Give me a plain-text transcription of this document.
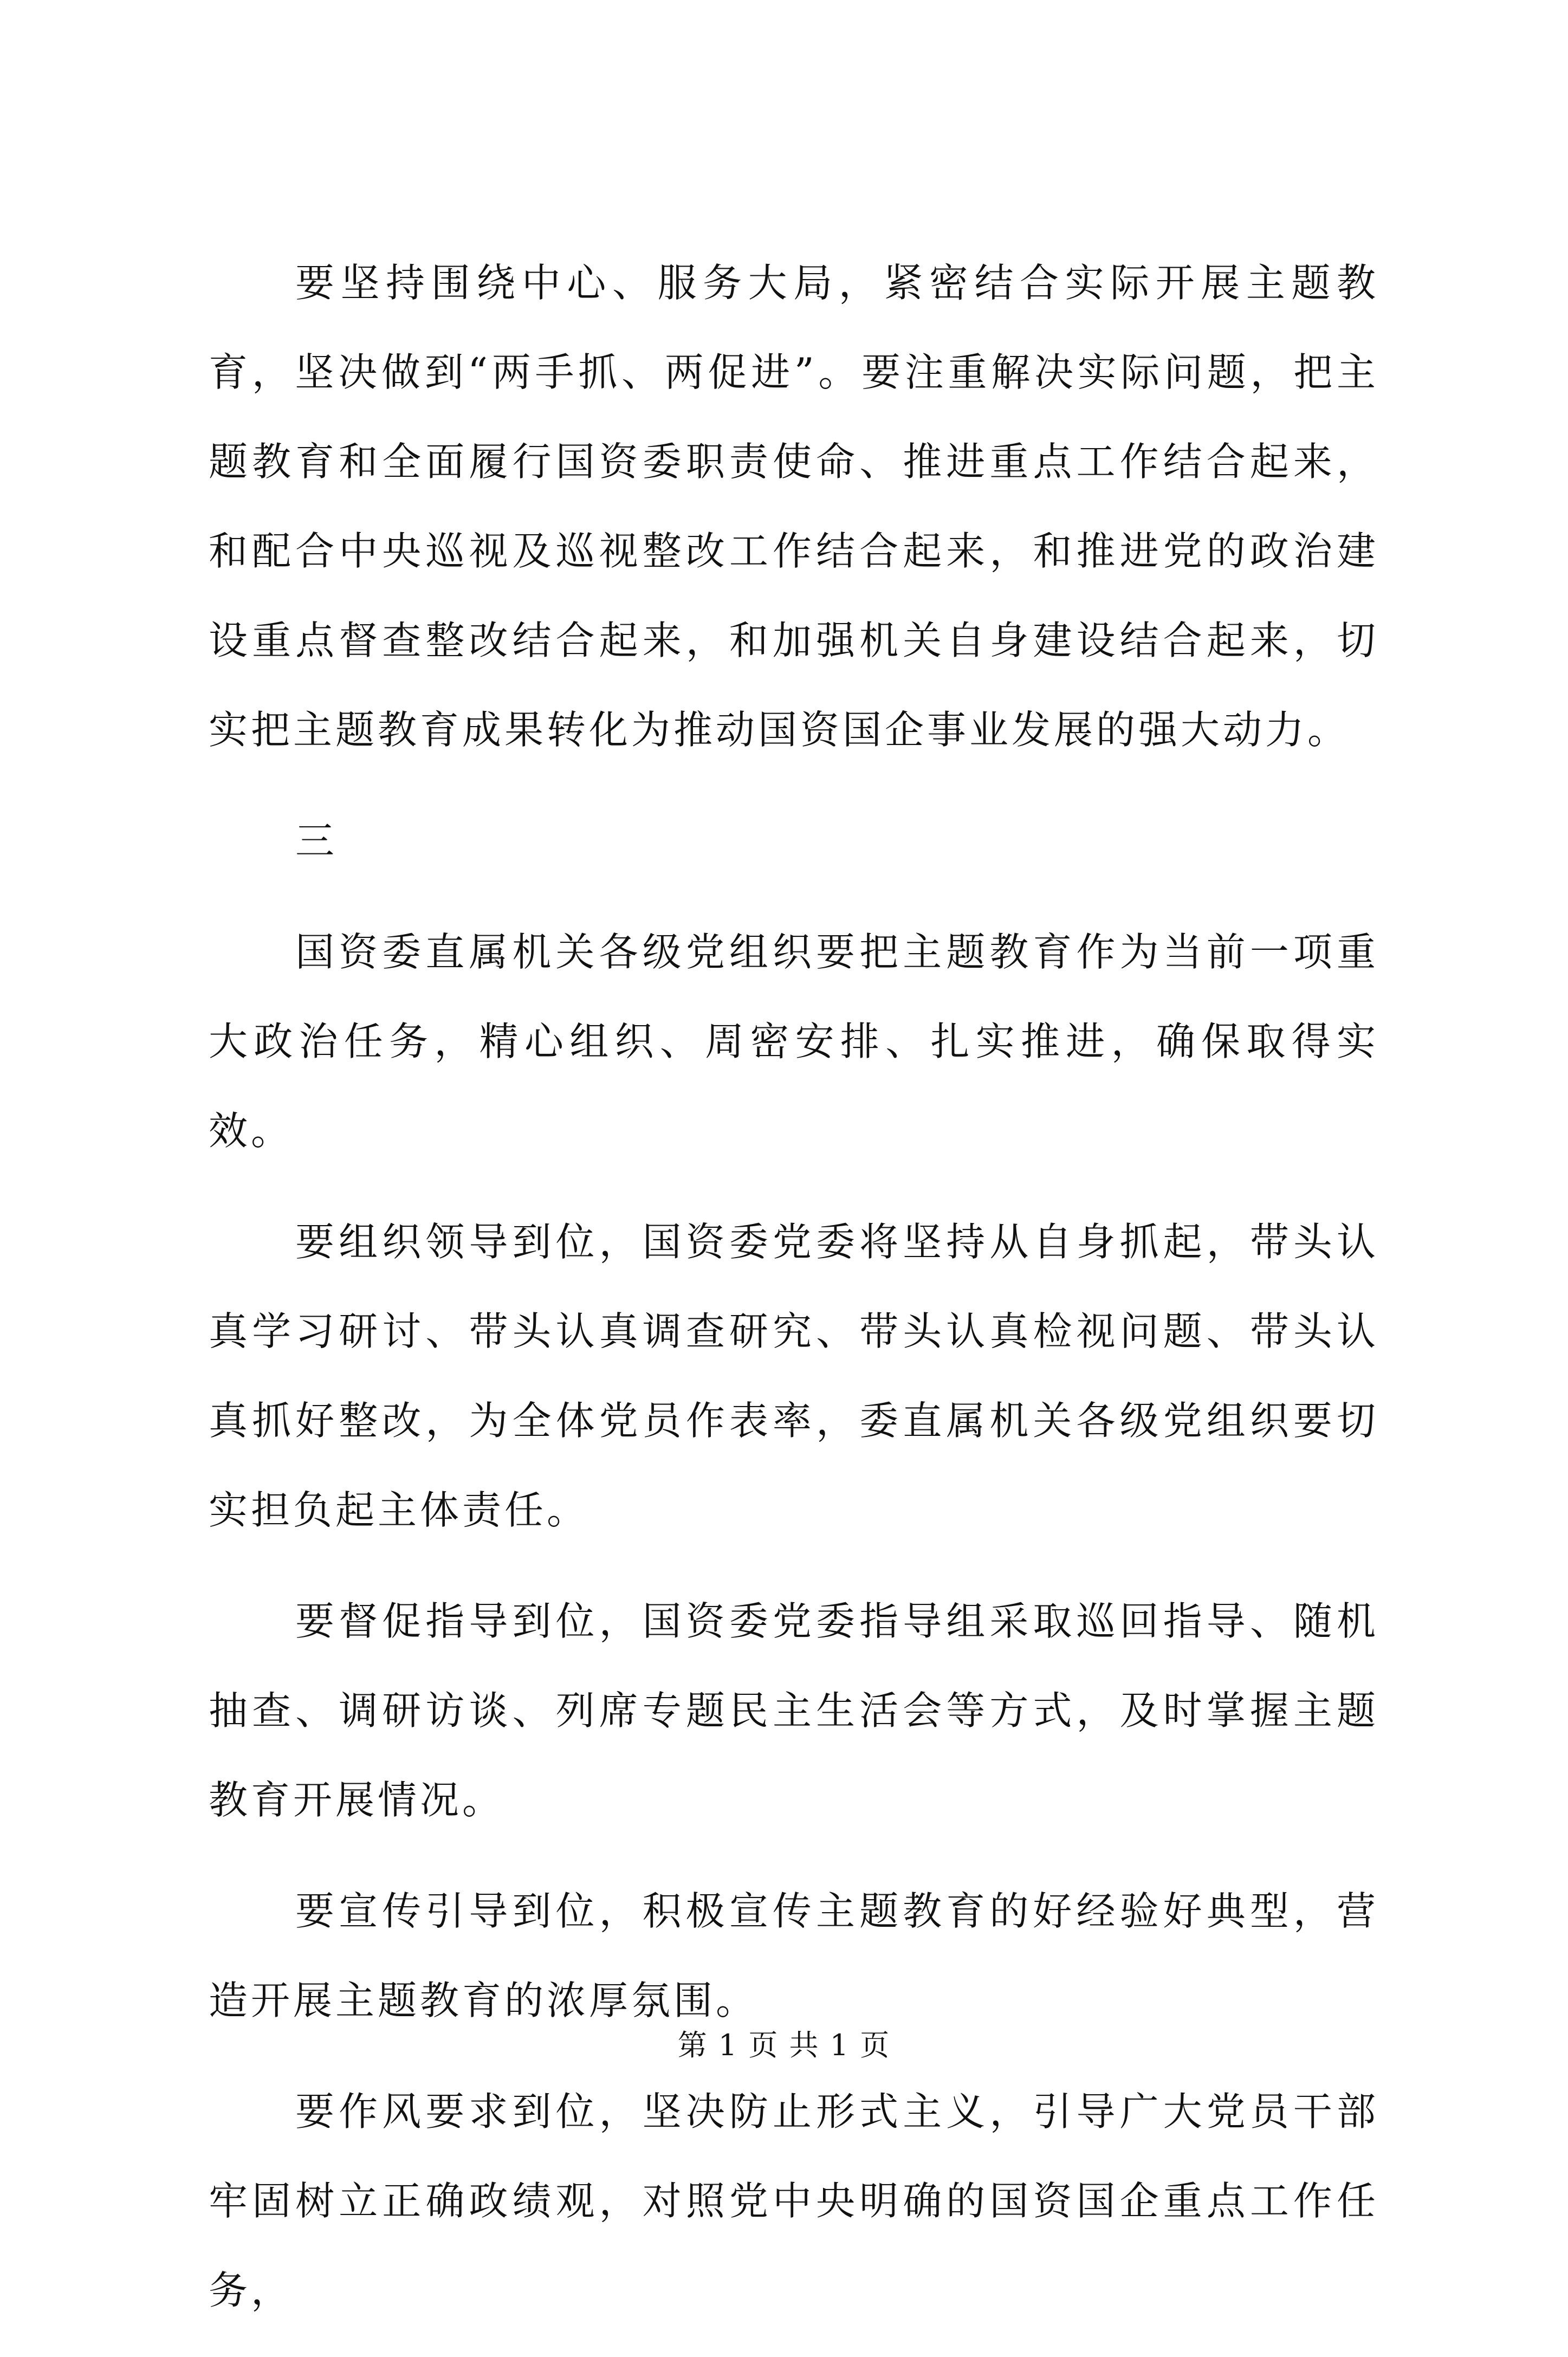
要坚持围绕中心、服务大局，紧密结合实际开展主题教育，坚决做到“两手抓、两促进”。要注重解决实际问题，把主题教育和全面履行国资委职责使命、推进重点工作结合起来，和配合中央巡视及巡视整改工作结合起来，和推进党的政治建设重点督查整改结合起来，和加强机关自身建设结合起来，切实把主题教育成果转化为推动国资国企事业发展的强大动力。

三

国资委直属机关各级党组织要把主题教育作为当前一项重大政治任务，精心组织、周密安排、扎实推进，确保取得实效。

要组织领导到位，国资委党委将坚持从自身抓起，带头认真学习研讨、带头认真调查研究、带头认真检视问题、带头认真抓好整改，为全体党员作表率，委直属机关各级党组织要切实担负起主体责任。

要督促指导到位，国资委党委指导组采取巡回指导、随机抽查、调研访谈、列席专题民主生活会等方式，及时掌握主题教育开展情况。

要宣传引导到位，积极宣传主题教育的好经验好典型，营造开展主题教育的浓厚氛围。

要作风要求到位，坚决防止形式主义，引导广大党员干部牢固树立正确政绩观，对照党中央明确的国资国企重点工作任务，

第 1 页 共 1 页
